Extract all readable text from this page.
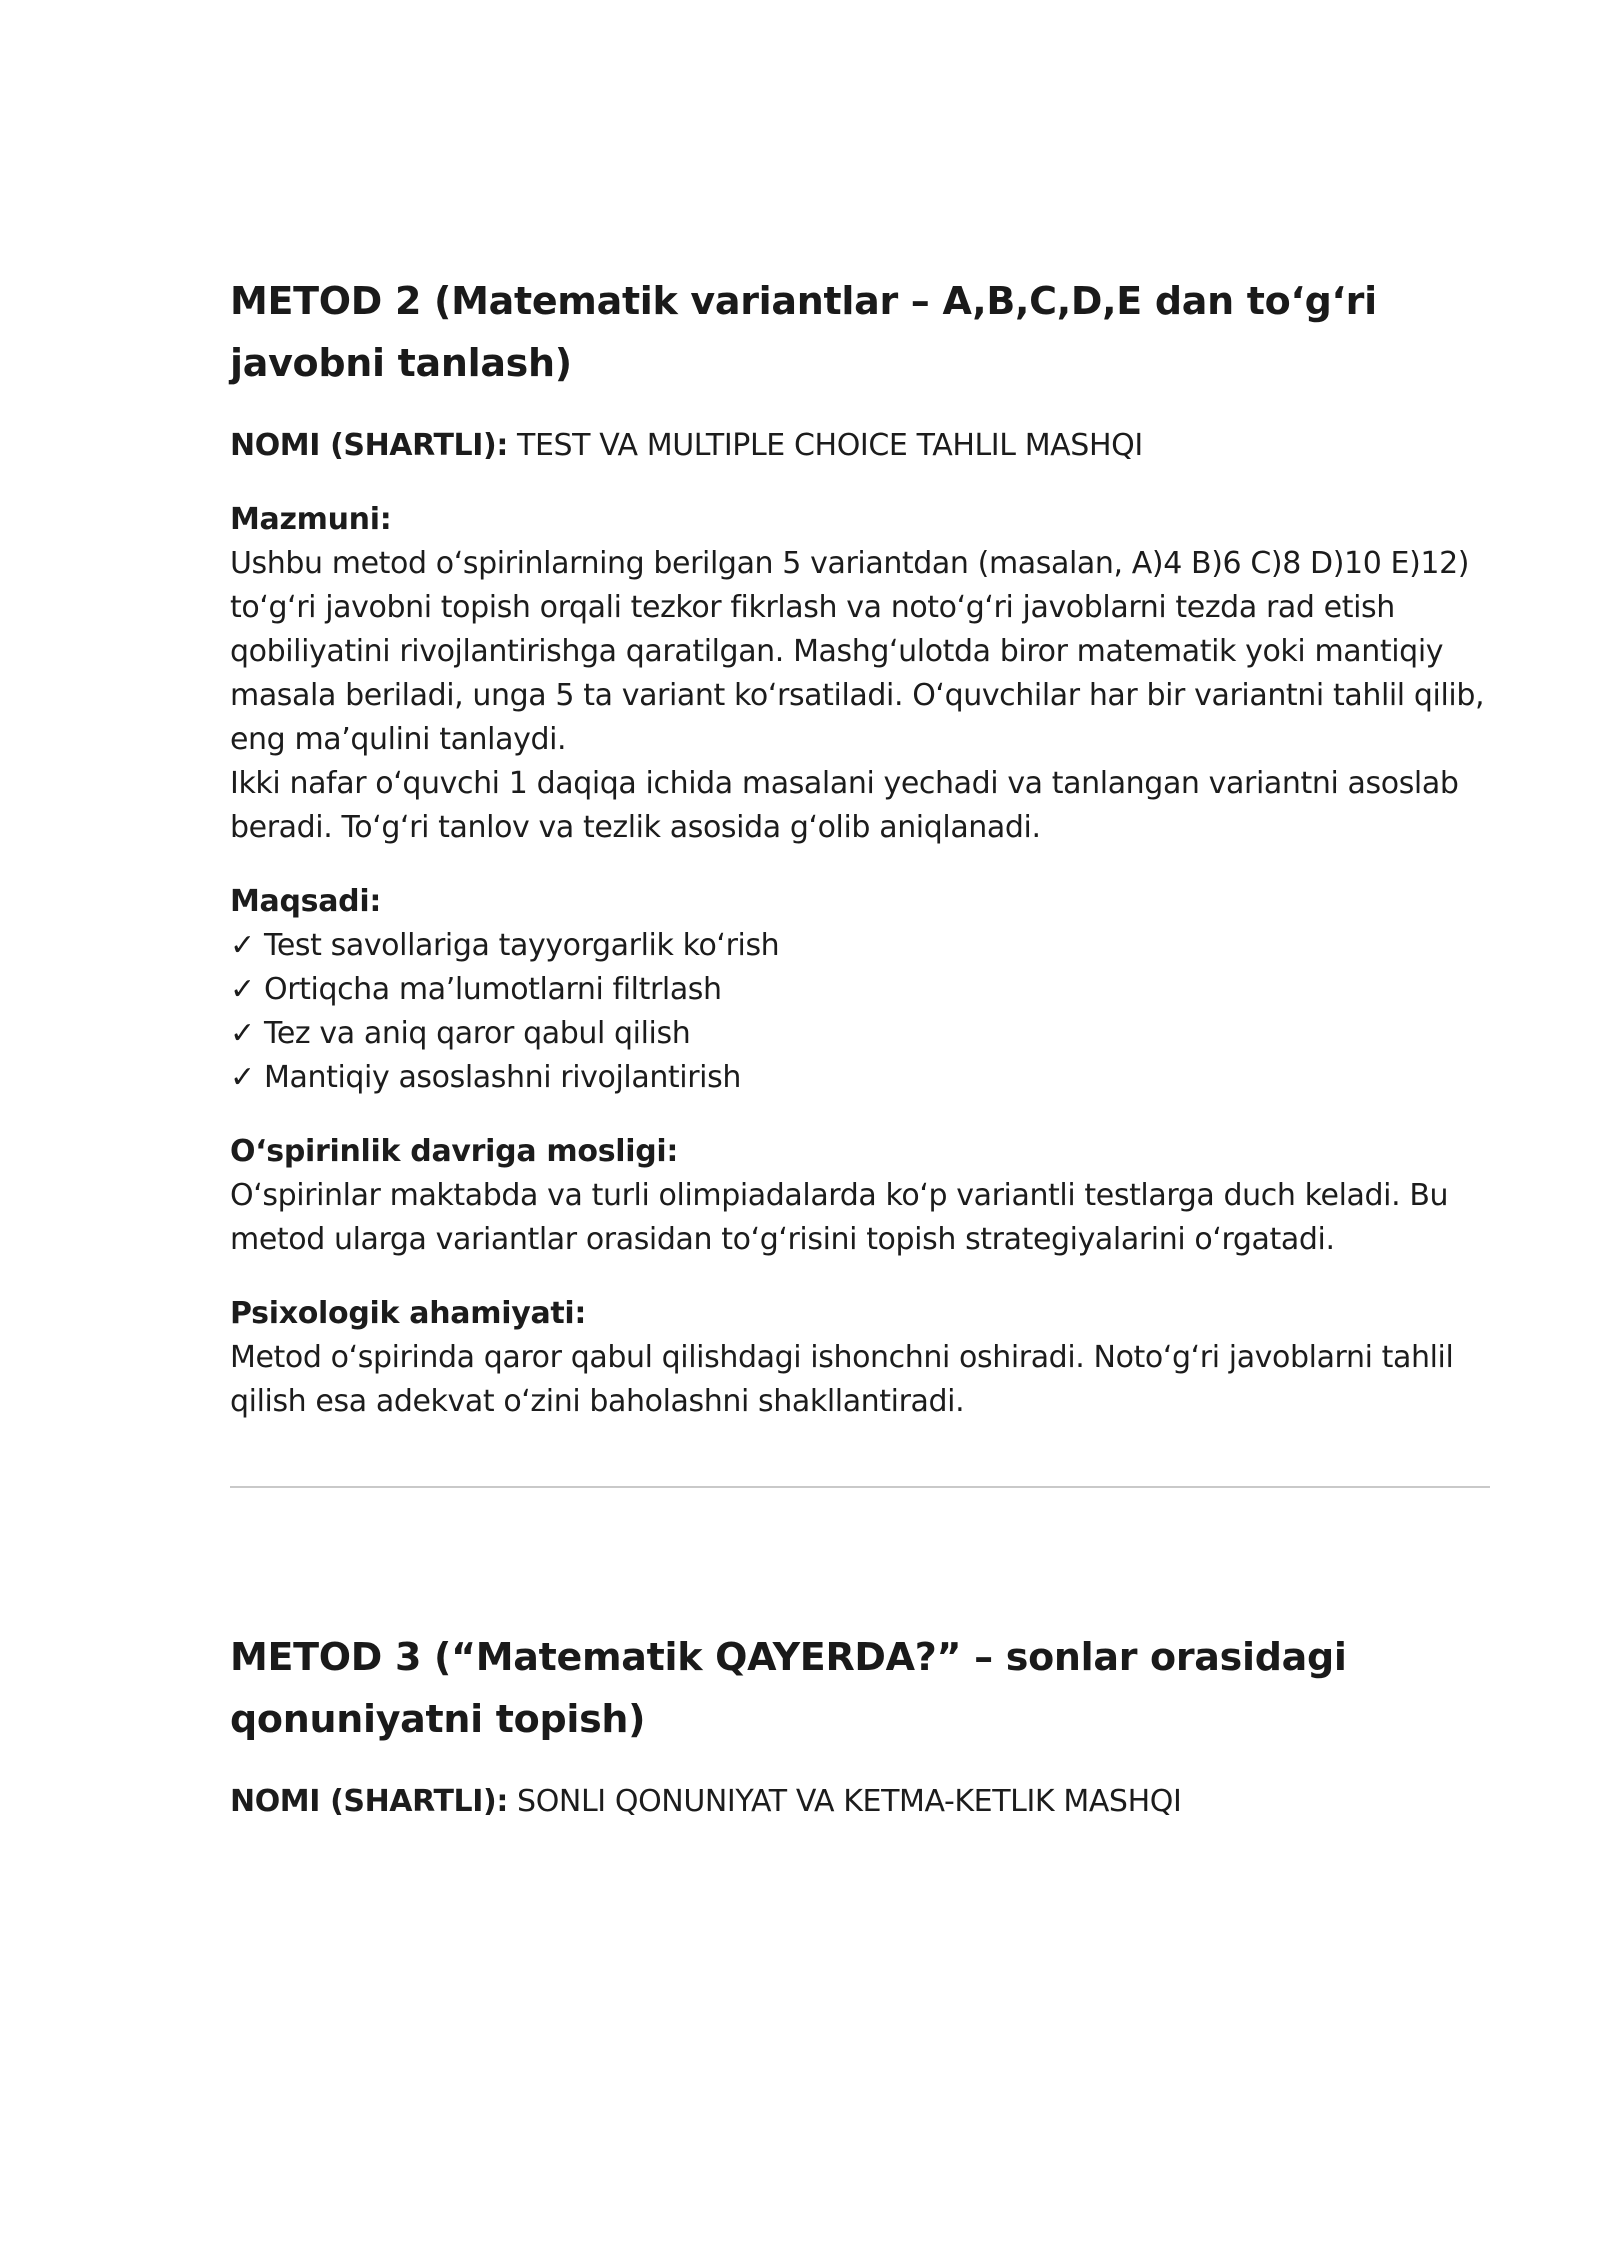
METOD 2 (Matematik variantlar – A,B,C,D,E dan to‘g‘ri javobni tanlash)
NOMI (SHARTLI): TEST VA MULTIPLE CHOICE TAHLIL MASHQI
Mazmuni:

Ushbu metod o‘spirinlarning berilgan 5 variantdan (masalan, A)4 B)6 C)8 D)10 E)12) to‘g‘ri javobni topish orqali tezkor fikrlash va noto‘g‘ri javoblarni tezda rad etish qobiliyatini rivojlantirishga qaratilgan. Mashg‘ulotda biror matematik yoki mantiqiy masala beriladi, unga 5 ta variant ko‘rsatiladi. O‘quvchilar har bir variantni tahlil qilib, eng ma’qulini tanlaydi.

Ikki nafar o‘quvchi 1 daqiqa ichida masalani yechadi va tanlangan variantni asoslab beradi. To‘g‘ri tanlov va tezlik asosida g‘olib aniqlanadi.

Maqsadi:
✓ Test savollariga tayyorgarlik ko‘rish
✓ Ortiqcha ma’lumotlarni filtrlash
✓ Tez va aniq qaror qabul qilish
✓ Mantiqiy asoslashni rivojlantirish
O‘spirinlik davriga mosligi:

O‘spirinlar maktabda va turli olimpiadalarda ko‘p variantli testlarga duch keladi. Bu metod ularga variantlar orasidan to‘g‘risini topish strategiyalarini o‘rgatadi.

Psixologik ahamiyati:

Metod o‘spirinda qaror qabul qilishdagi ishonchni oshiradi. Noto‘g‘ri javoblarni tahlil qilish esa adekvat o‘zini baholashni shakllantiradi.

METOD 3 (“Matematik QAYERDA?” – sonlar orasidagi qonuniyatni topish)
NOMI (SHARTLI): SONLI QONUNIYAT VA KETMA-KETLIK MASHQI
